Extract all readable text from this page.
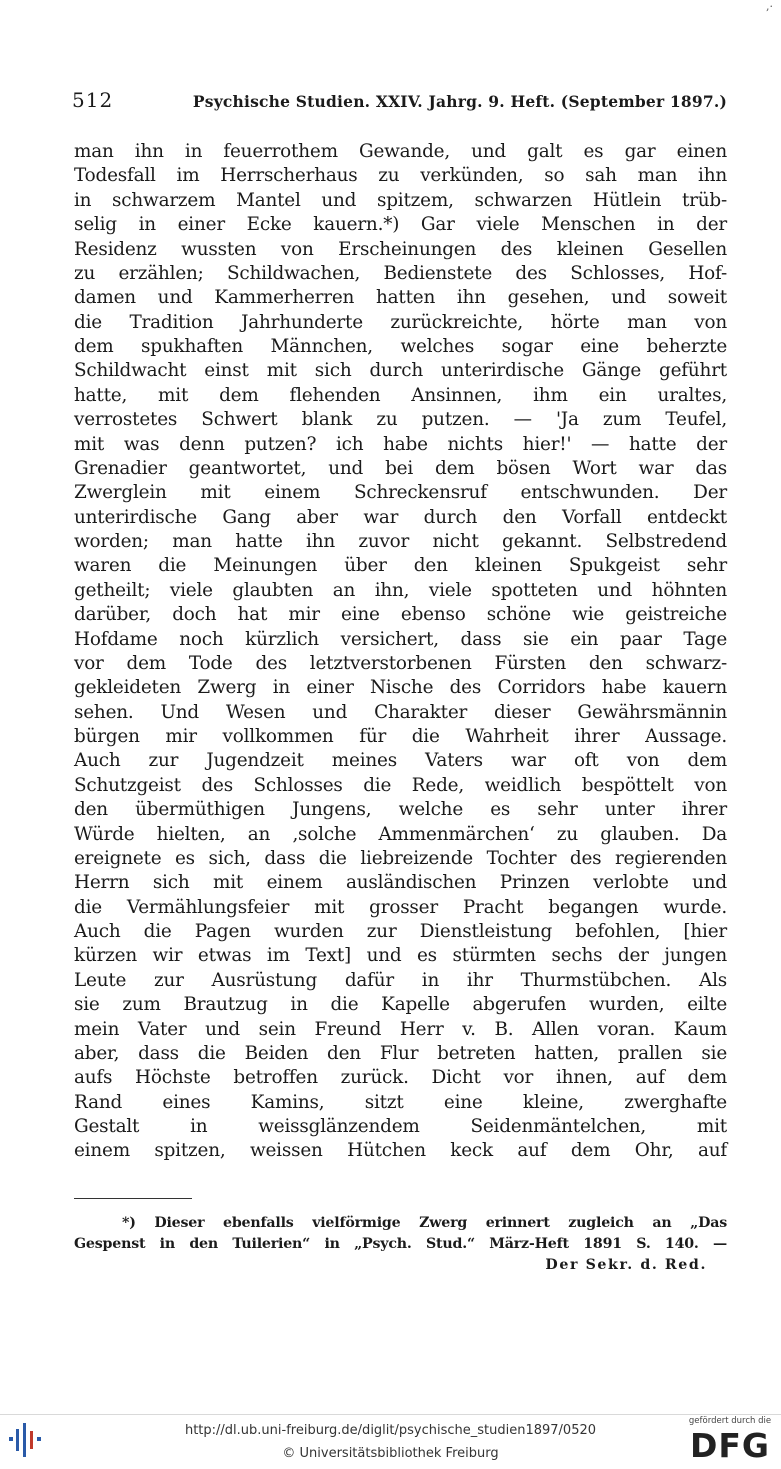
,·
512	Psychische Studien. XXIV. Jahrg. 9. Heft. (September 1897.)
man ihn in feuerrothem Gewande, und galt es gar einen
Todesfall im Herrscherhaus zu verkünden, so sah man ihn
in schwarzem Mantel und spitzem, schwarzen Hütlein trüb-
selig in einer Ecke kauern.*) Gar viele Menschen in der
Residenz wussten von Erscheinungen des kleinen Gesellen
zu erzählen; Schildwachen, Bedienstete des Schlosses, Hof-
damen und Kammerherren hatten ihn gesehen, und soweit
die Tradition Jahrhunderte zurückreichte, hörte man von
dem spukhaften Männchen, welches sogar eine beherzte
Schildwacht einst mit sich durch unterirdische Gänge geführt
hatte, mit dem flehenden Ansinnen, ihm ein uraltes,
verrostetes Schwert blank zu putzen. — 'Ja zum Teufel,
mit was denn putzen? ich habe nichts hier!' — hatte der
Grenadier geantwortet, und bei dem bösen Wort war das
Zwerglein mit einem Schreckensruf entschwunden. Der
unterirdische Gang aber war durch den Vorfall entdeckt
worden; man hatte ihn zuvor nicht gekannt. Selbstredend
waren die Meinungen über den kleinen Spukgeist sehr
getheilt; viele glaubten an ihn, viele spotteten und höhnten
darüber, doch hat mir eine ebenso schöne wie geistreiche
Hofdame noch kürzlich versichert, dass sie ein paar Tage
vor dem Tode des letztverstorbenen Fürsten den schwarz-
gekleideten Zwerg in einer Nische des Corridors habe kauern
sehen. Und Wesen und Charakter dieser Gewährsmännin
bürgen mir vollkommen für die Wahrheit ihrer Aussage.
Auch zur Jugendzeit meines Vaters war oft von dem
Schutzgeist des Schlosses die Rede, weidlich bespöttelt von
den übermüthigen Jungens, welche es sehr unter ihrer
Würde hielten, an ‚solche Ammenmärchen‘ zu glauben. Da
ereignete es sich, dass die liebreizende Tochter des regierenden
Herrn sich mit einem ausländischen Prinzen verlobte und
die Vermählungsfeier mit grosser Pracht begangen wurde.
Auch die Pagen wurden zur Dienstleistung befohlen, [hier
kürzen wir etwas im Text] und es stürmten sechs der jungen
Leute zur Ausrüstung dafür in ihr Thurmstübchen. Als
sie zum Brautzug in die Kapelle abgerufen wurden, eilte
mein Vater und sein Freund Herr v. B. Allen voran. Kaum
aber, dass die Beiden den Flur betreten hatten, prallen sie
aufs Höchste betroffen zurück. Dicht vor ihnen, auf dem
Rand eines Kamins, sitzt eine kleine, zwerghafte
Gestalt in weissglänzendem Seidenmäntelchen, mit
einem spitzen, weissen Hütchen keck auf dem Ohr, auf
*) Dieser ebenfalls vielförmige Zwerg erinnert zugleich an „Das
Gespenst in den Tuilerien“ in „Psych. Stud.“ März-Heft 1891 S. 140. —
Der Sekr. d. Red.
http://dl.ub.uni-freiburg.de/diglit/psychische_studien1897/0520
© Universitätsbibliothek Freiburg
gefördert durch die
DFG
